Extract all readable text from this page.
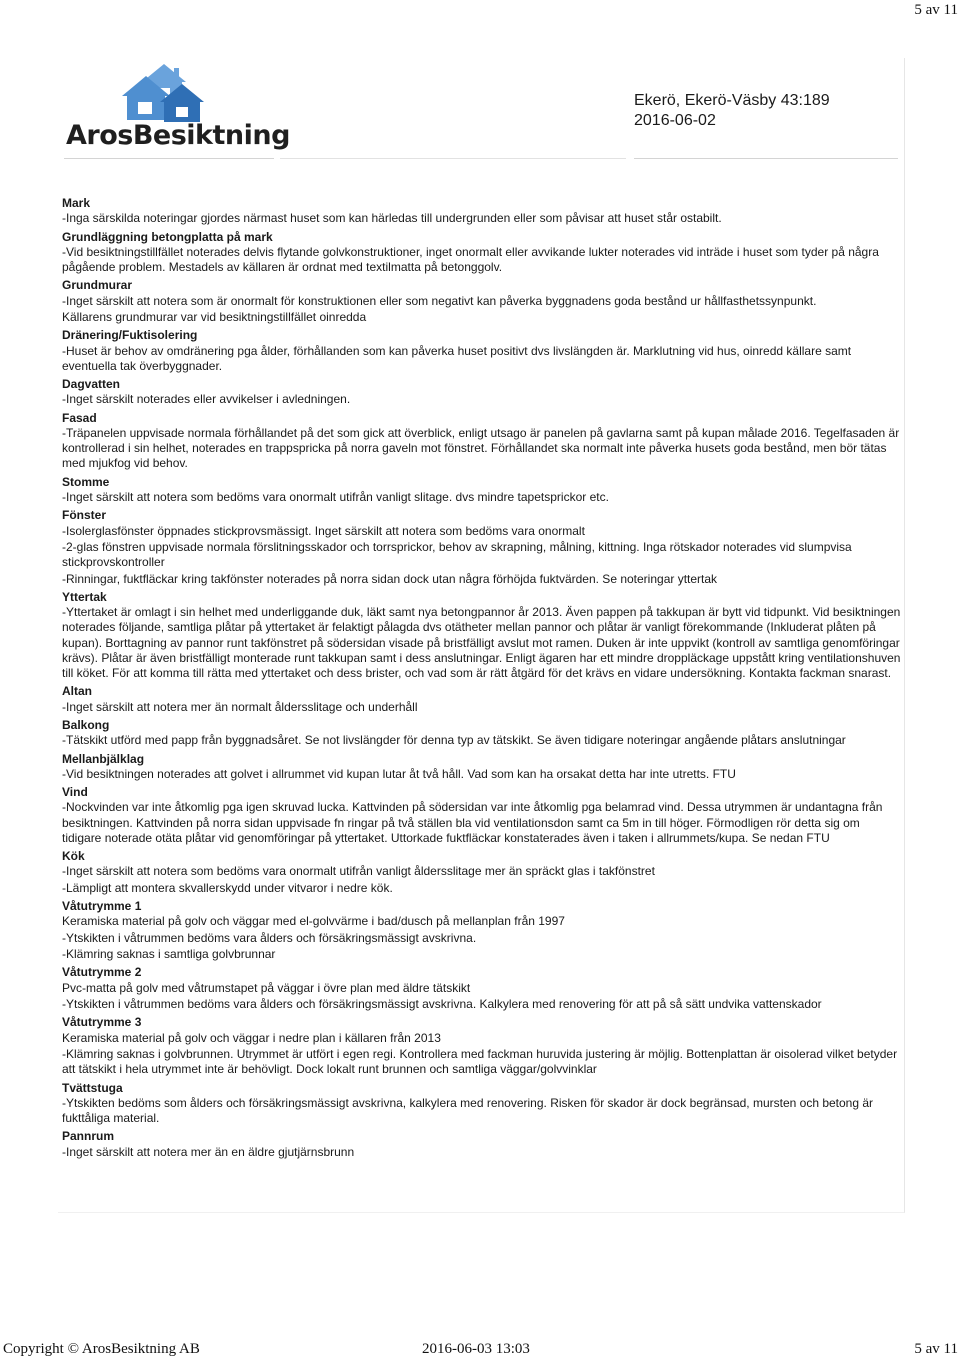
5 av 11
ArosBesiktning
Ekerö, Ekerö-Väsby 43:189
2016-06-02
Mark
-Inga särskilda noteringar gjordes närmast huset som kan härledas till undergrunden eller som påvisar att huset står ostabilt.
Grundläggning betongplatta på mark
-Vid besiktningstillfället noterades delvis flytande golvkonstruktioner, inget onormalt eller avvikande lukter noterades vid inträde i huset som tyder på några pågående problem. Mestadels av källaren är ordnat med textilmatta på betonggolv.
Grundmurar
-Inget särskilt att notera som är onormalt för konstruktionen eller som negativt kan påverka byggnadens goda bestånd ur hållfasthetssynpunkt.
Källarens grundmurar var vid besiktningstillfället oinredda
Dränering/Fuktisolering
-Huset är behov av omdränering pga ålder, förhållanden som kan påverka huset positivt dvs livslängden är. Marklutning vid hus, oinredd källare samt eventuella tak överbyggnader.
Dagvatten
-Inget särskilt noterades eller avvikelser i avledningen.
Fasad
-Träpanelen uppvisade normala förhållandet på det som gick att överblick, enligt utsago är panelen på gavlarna samt på kupan målade 2016. Tegelfasaden är kontrollerad i sin helhet, noterades en trappspricka på norra gaveln mot fönstret. Förhållandet ska normalt inte påverka husets goda bestånd, men bör tätas med mjukfog vid behov.
Stomme
-Inget särskilt att notera som bedöms vara onormalt utifrån vanligt slitage. dvs mindre tapetsprickor etc.
Fönster
-Isolerglasfönster öppnades stickprovsmässigt. Inget särskilt att notera som bedöms vara onormalt
-2-glas fönstren uppvisade normala förslitningsskador och torrsprickor, behov av skrapning, målning, kittning. Inga rötskador noterades vid slumpvisa stickprovskontroller
-Rinningar, fuktfläckar kring takfönster noterades på norra sidan dock utan några förhöjda fuktvärden. Se noteringar yttertak
Yttertak
-Yttertaket är omlagt i sin helhet med underliggande duk, läkt samt nya betongpannor år 2013. Även pappen på takkupan är bytt vid tidpunkt. Vid besiktningen noterades följande, samtliga plåtar på yttertaket är felaktigt pålagda dvs otätheter mellan pannor och plåtar är vanligt förekommande (Inkluderat plåten på kupan). Borttagning av pannor runt takfönstret på södersidan visade på bristfälligt avslut mot ramen. Duken är inte uppvikt (kontroll av samtliga genomföringar krävs). Plåtar är även bristfälligt monterade runt takkupan samt i dess anslutningar. Enligt ägaren har ett mindre droppläckage uppstått kring ventilationshuven till köket. För att komma till rätta med yttertaket och dess brister, och vad som är rätt åtgärd för det krävs en vidare undersökning. Kontakta fackman snarast.
Altan
-Inget särskilt att notera mer än normalt åldersslitage och underhåll
Balkong
-Tätskikt utförd med papp från byggnadsåret. Se not livslängder för denna typ av tätskikt. Se även tidigare noteringar angående plåtars anslutningar
Mellanbjälklag
-Vid besiktningen noterades att golvet i allrummet vid kupan lutar åt två håll. Vad som kan ha orsakat detta har inte utretts. FTU
Vind
-Nockvinden var inte åtkomlig pga igen skruvad lucka. Kattvinden på södersidan var inte åtkomlig pga belamrad vind. Dessa utrymmen är undantagna från besiktningen. Kattvinden på norra sidan uppvisade fn ringar på två ställen bla vid ventilationsdon samt ca 5m in till höger. Förmodligen rör detta sig om tidigare noterade otäta plåtar vid genomföringar på yttertaket. Uttorkade fuktfläckar konstaterades även i taken i allrummets/kupa. Se nedan FTU
Kök
-Inget särskilt att notera som bedöms vara onormalt utifrån vanligt åldersslitage mer än spräckt glas i takfönstret
-Lämpligt att montera skvallerskydd under vitvaror i nedre kök.
Våtutrymme 1
Keramiska material på golv och väggar med el-golvvärme i bad/dusch på mellanplan från 1997
-Ytskikten i våtrummen bedöms vara ålders och försäkringsmässigt avskrivna.
-Klämring saknas i samtliga golvbrunnar
Våtutrymme 2
Pvc-matta på golv med våtrumstapet på väggar i övre plan med äldre tätskikt
-Ytskikten i våtrummen bedöms vara ålders och försäkringsmässigt avskrivna. Kalkylera med renovering för att på så sätt undvika vattenskador
Våtutrymme 3
Keramiska material på golv och väggar i nedre plan i källaren från 2013
-Klämring saknas i golvbrunnen. Utrymmet är utfört i egen regi. Kontrollera med fackman huruvida justering är möjlig. Bottenplattan är oisolerad vilket betyder att tätskikt i hela utrymmet inte är behövligt. Dock lokalt runt brunnen och samtliga väggar/golvvinklar
Tvättstuga
-Ytskikten bedöms som ålders och försäkringsmässigt avskrivna, kalkylera med renovering. Risken för skador är dock begränsad, mursten och betong är fukttåliga material.
Pannrum
-Inget särskilt att notera mer än en äldre gjutjärnsbrunn
Copyright © ArosBesiktning AB	2016-06-03 13:03	5 av 11
